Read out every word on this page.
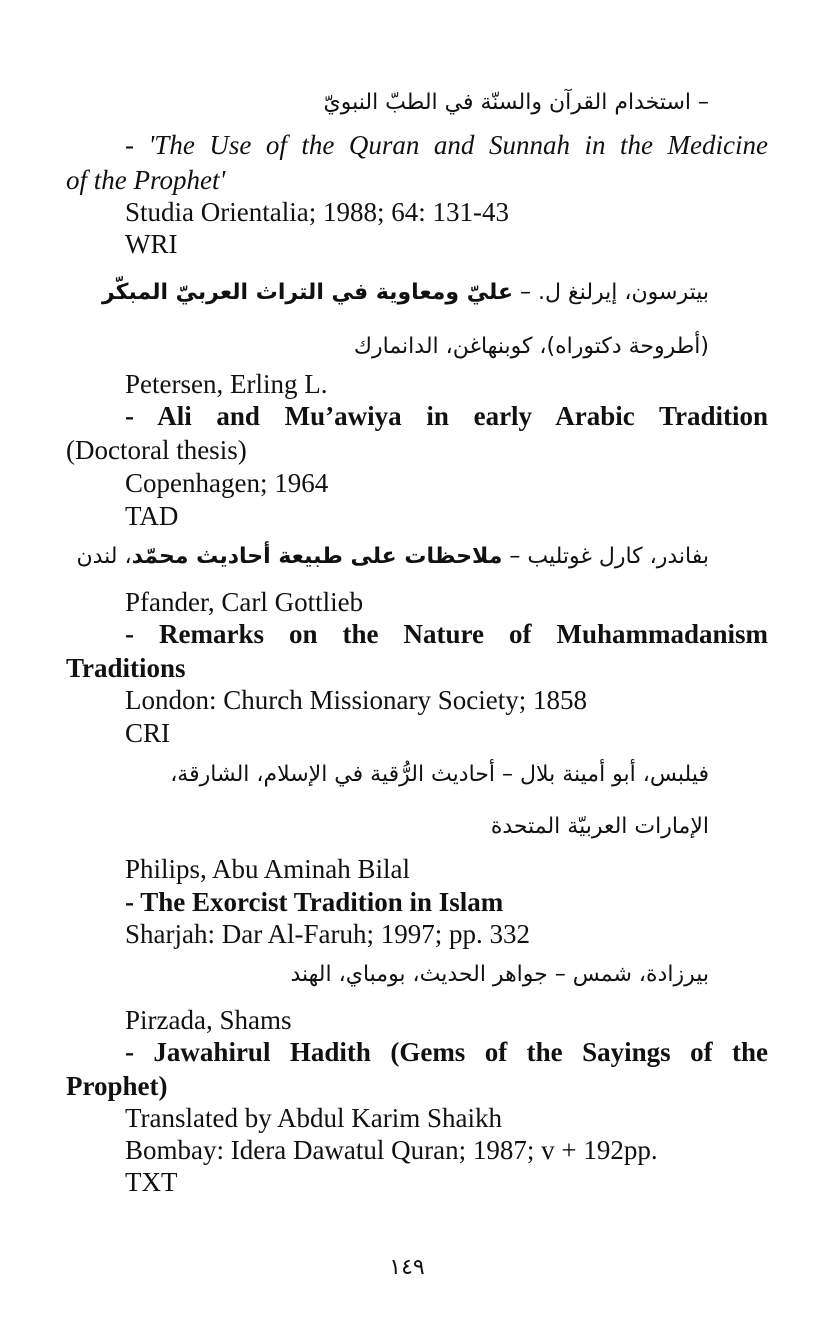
– استخدام القرآن والسنّة في الطبّ النبويّ
- 'The Use of the Quran and Sunnah in the Medicine
of the Prophet'
Studia Orientalia; 1988; 64: 131-43
WRI
بيترسون، إيرلنغ ل. – عليّ ومعاوية في التراث العربيّ المبكّر
(أطروحة دكتوراه)، كوبنهاغن، الدانمارك
Petersen, Erling L.
- Ali and Mu’awiya in early Arabic Tradition
(Doctoral thesis)
Copenhagen; 1964
TAD
بفاندر، كارل غوتليب – ملاحظات على طبيعة أحاديث محمّد، لندن
Pfander, Carl Gottlieb
- Remarks on the Nature of Muhammadanism
Traditions
London: Church Missionary Society; 1858
CRI
فيلبس، أبو أمينة بلال – أحاديث الرُّقية في الإسلام، الشارقة،
الإمارات العربيّة المتحدة
Philips, Abu Aminah Bilal
- The Exorcist Tradition in Islam
Sharjah: Dar Al-Faruh; 1997; pp. 332
بيرزادة، شمس – جواهر الحديث، بومباي، الهند
Pirzada, Shams
- Jawahirul Hadith (Gems of the Sayings of the
Prophet)
Translated by Abdul Karim Shaikh
Bombay: Idera Dawatul Quran; 1987; v + 192pp.
TXT
١٤٩
